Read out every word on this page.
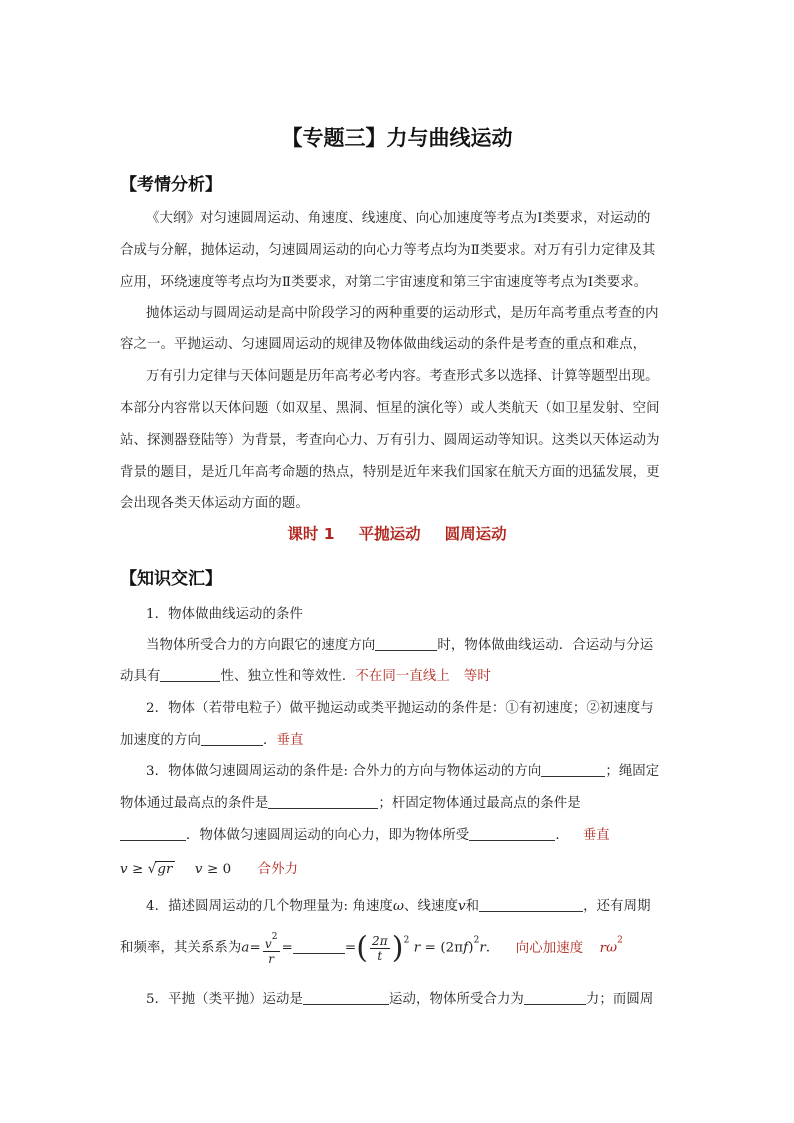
【专题三】力与曲线运动
【考情分析】
《大纲》对匀速圆周运动、角速度、线速度、向心加速度等考点为Ⅰ类要求，对运动的
合成与分解，抛体运动，匀速圆周运动的向心力等考点均为Ⅱ类要求。对万有引力定律及其
应用，环绕速度等考点均为Ⅱ类要求，对第二宇宙速度和第三宇宙速度等考点为Ⅰ类要求。
抛体运动与圆周运动是高中阶段学习的两种重要的运动形式，是历年高考重点考查的内
容之一。平抛运动、匀速圆周运动的规律及物体做曲线运动的条件是考查的重点和难点，
万有引力定律与天体问题是历年高考必考内容。考查形式多以选择、计算等题型出现。
本部分内容常以天体问题（如双星、黑洞、恒星的演化等）或人类航天（如卫星发射、空间
站、探测器登陆等）为背景，考查向心力、万有引力、圆周运动等知识。这类以天体运动为
背景的题目，是近几年高考命题的热点，特别是近年来我们国家在航天方面的迅猛发展，更
会出现各类天体运动方面的题。
课时 1 平抛运动 圆周运动
【知识交汇】
1．物体做曲线运动的条件
当物体所受合力的方向跟它的速度方向	时，物体做曲线运动．合运动与分运
动具有	性、独立性和等效性．不在同一直线上 等时
2．物体（若带电粒子）做平抛运动或类平抛运动的条件是：①有初速度；②初速度与
加速度的方向	．垂直
3．物体做匀速圆周运动的条件是: 合外力的方向与物体运动的方向	；绳固定
物体通过最高点的条件是	；杆固定物体通过最高点的条件是
．物体做匀速圆周运动的向心力，即为物体所受	． 垂直
v ≥ √gr v ≥ 0 合外力
4．描述圆周运动的几个物理量为: 角速度ω、线速度v和	，还有周期
和频率，其关系系为$a= \frac{v^2}{r}$ =	=( $\frac{2\pi}{t} )^2$ $r = (2\pi f)^2r$． 向心加速度 $r\omega^2$
5．平抛（类平抛）运动是	运动，物体所受合力为	力；而圆周
